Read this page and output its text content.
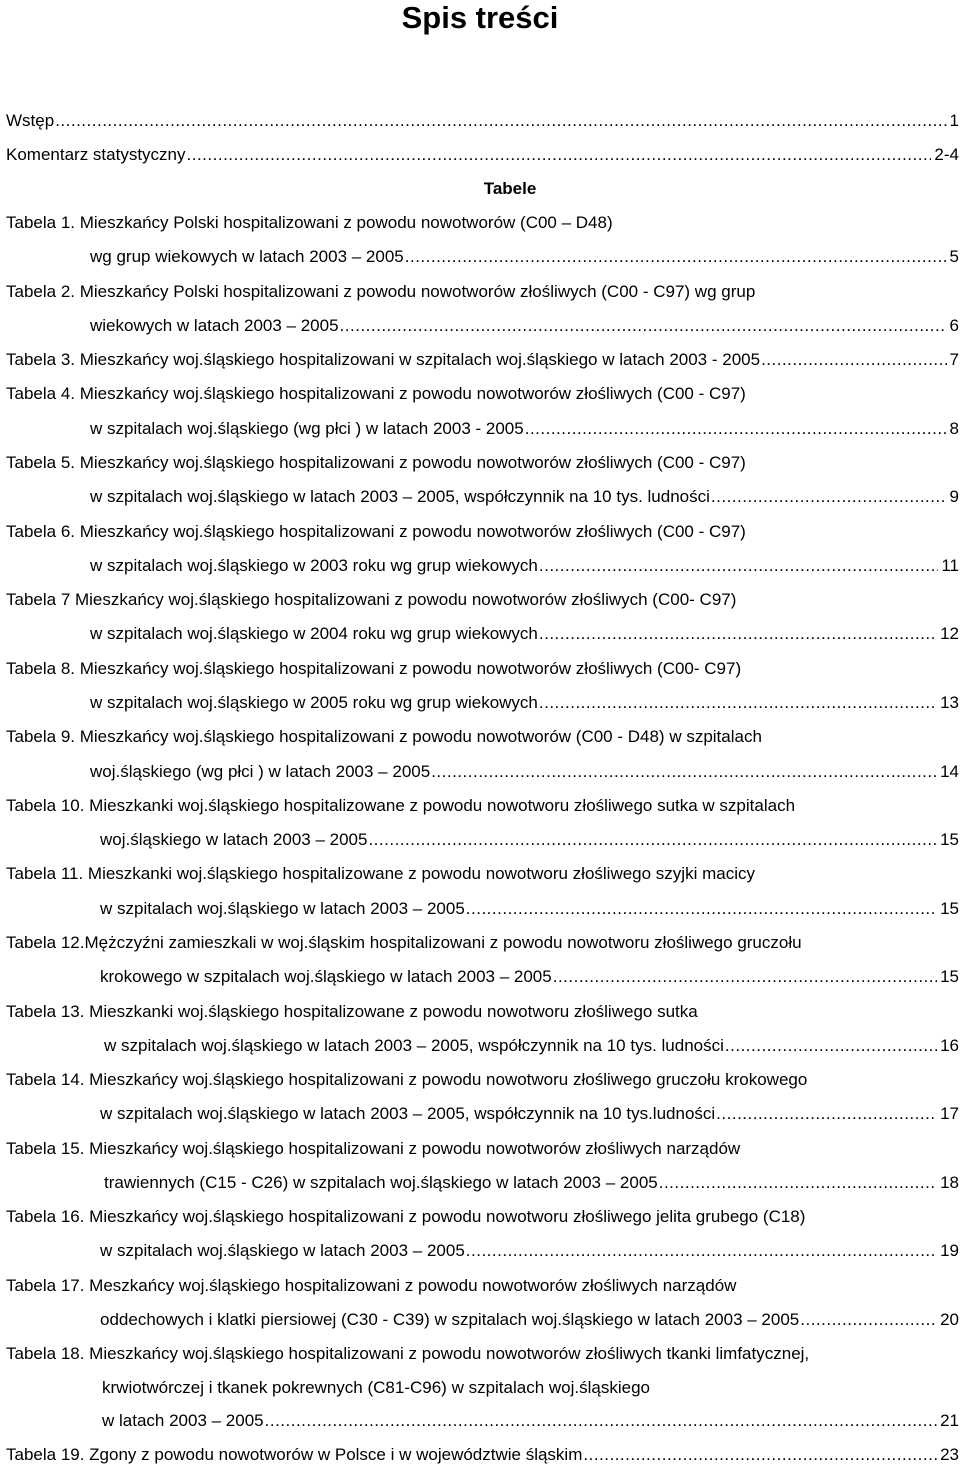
Spis treści
Wstęp .....	1
Komentarz statystyczny .....	2-4
Tabele
Tabela 1. Mieszkańcy Polski hospitalizowani z powodu nowotworów (C00 – D48)
wg grup wiekowych w latach 2003 – 2005 .....	5
Tabela 2. Mieszkańcy Polski hospitalizowani z powodu nowotworów złośliwych (C00 - C97) wg grup
wiekowych w latach 2003 – 2005 .....	6
Tabela 3. Mieszkańcy woj.śląskiego hospitalizowani w szpitalach woj.śląskiego w latach 2003 - 2005 .....	7
Tabela 4. Mieszkańcy woj.śląskiego hospitalizowani z powodu nowotworów złośliwych (C00 - C97)
w szpitalach woj.śląskiego (wg płci ) w latach 2003 - 2005 .....	8
Tabela 5. Mieszkańcy woj.śląskiego hospitalizowani z powodu nowotworów złośliwych (C00 - C97)
w szpitalach woj.śląskiego w latach 2003 – 2005, współczynnik na 10 tys. ludności .....	9
Tabela 6. Mieszkańcy woj.śląskiego hospitalizowani z powodu nowotworów złośliwych (C00 - C97)
w szpitalach woj.śląskiego w 2003 roku wg grup wiekowych .....	11
Tabela 7 Mieszkańcy woj.śląskiego hospitalizowani z powodu nowotworów złośliwych (C00- C97)
w szpitalach woj.śląskiego w 2004 roku wg grup wiekowych .....	12
Tabela 8. Mieszkańcy woj.śląskiego hospitalizowani z powodu nowotworów złośliwych (C00- C97)
w szpitalach woj.śląskiego w 2005 roku wg grup wiekowych .....	13
Tabela 9. Mieszkańcy woj.śląskiego hospitalizowani z powodu nowotworów (C00 - D48) w szpitalach
woj.śląskiego (wg płci ) w latach 2003 – 2005 .....	14
Tabela 10. Mieszkanki woj.śląskiego hospitalizowane z powodu nowotworu złośliwego sutka w szpitalach
woj.śląskiego w latach 2003 – 2005 .....	15
Tabela 11. Mieszkanki woj.śląskiego hospitalizowane z powodu nowotworu złośliwego szyjki macicy
w szpitalach woj.śląskiego w latach 2003 – 2005 .....	15
Tabela 12.Mężczyźni zamieszkali w woj.śląskim hospitalizowani z powodu nowotworu złośliwego gruczołu
krokowego w szpitalach woj.śląskiego w latach 2003 – 2005 .....	15
Tabela 13. Mieszkanki woj.śląskiego hospitalizowane z powodu nowotworu złośliwego sutka
w szpitalach woj.śląskiego w latach 2003 – 2005, współczynnik na 10 tys. ludności .....	16
Tabela 14. Mieszkańcy woj.śląskiego hospitalizowani z powodu nowotworu złośliwego gruczołu krokowego
w szpitalach woj.śląskiego w latach 2003 – 2005, współczynnik na 10 tys.ludności .....	17
Tabela 15. Mieszkańcy woj.śląskiego hospitalizowani z powodu nowotworów złośliwych narządów
trawiennych (C15 - C26) w szpitalach woj.śląskiego w latach 2003 – 2005 .....	18
Tabela 16. Mieszkańcy woj.śląskiego hospitalizowani z powodu nowotworu złośliwego jelita grubego (C18)
w szpitalach woj.śląskiego w latach 2003 – 2005 .....	19
Tabela 17. Meszkańcy woj.śląskiego hospitalizowani z powodu nowotworów złośliwych narządów
oddechowych i klatki piersiowej (C30 - C39) w szpitalach woj.śląskiego w latach 2003 – 2005 .....	20
Tabela 18. Mieszkańcy woj.śląskiego hospitalizowani z powodu nowotworów złośliwych tkanki limfatycznej,
krwiotwórczej i tkanek pokrewnych (C81-C96) w szpitalach woj.śląskiego
w latach 2003 – 2005 .....	21
Tabela 19. Zgony z powodu nowotworów w Polsce i w województwie śląskim .....	23
